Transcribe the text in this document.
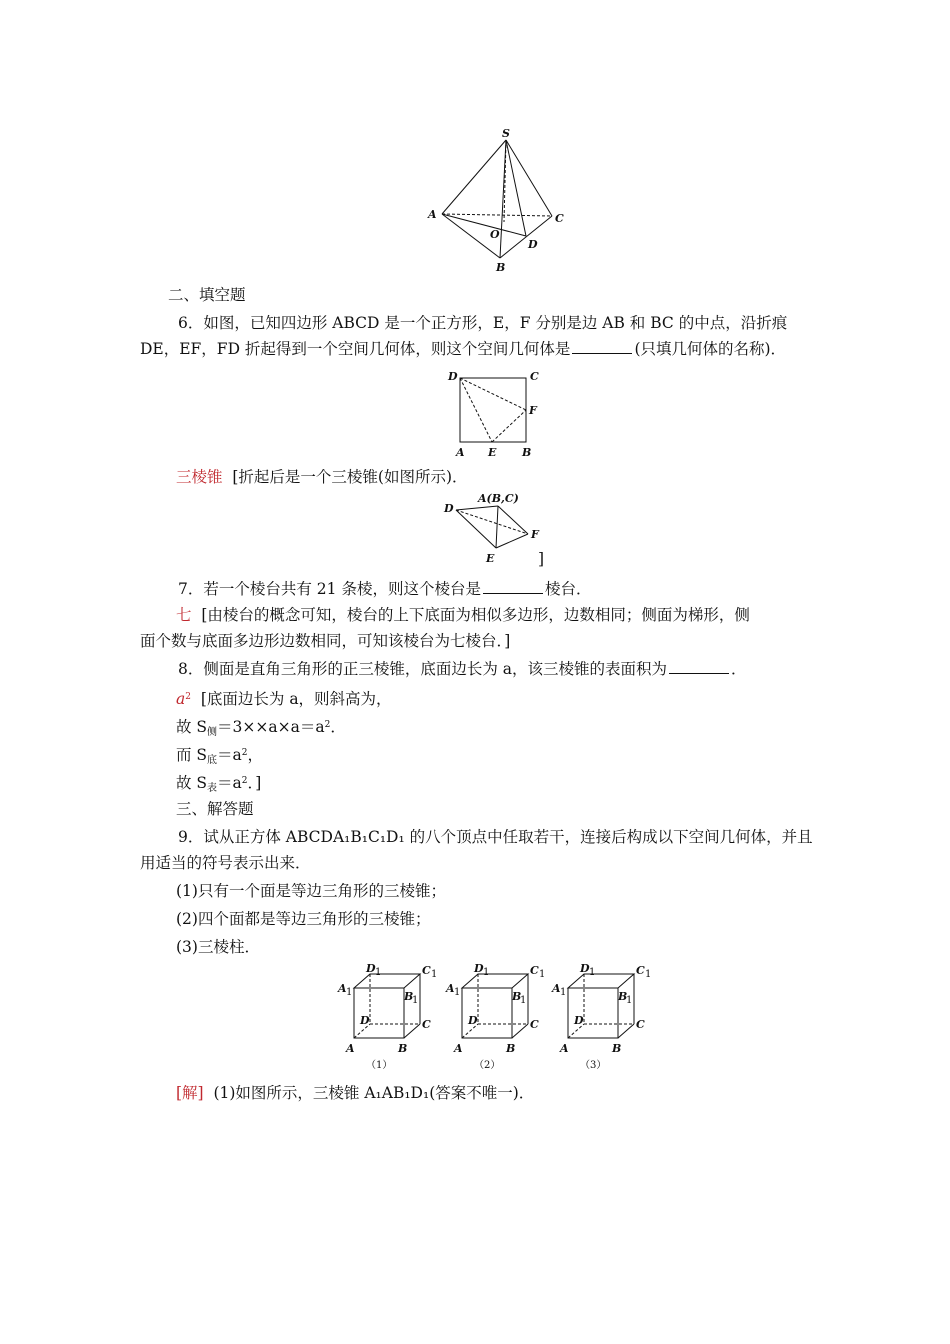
S
A	C
O
D
B
二、填空题
6．如图，已知四边形 ABCD 是一个正方形，E，F 分别是边 AB 和 BC 的中点，沿折痕
DE，EF，FD 折起得到一个空间几何体，则这个空间几何体是	(只填几何体的名称)．
D	C
F
A E B
三棱锥 [折起后是一个三棱锥(如图所示)．
A(B,C)
D
F
E	]
7．若一个棱台共有 21 条棱，则这个棱台是	棱台．
七 [由棱台的概念可知，棱台的上下底面为相似多边形，边数相同；侧面为梯形，侧
面个数与底面多边形边数相同，可知该棱台为七棱台．]
8．侧面是直角三角形的正三棱锥，底面边长为 a，该三棱锥的表面积为	．
$a^2$ [底面边长为 a，则斜高为，
故 $S_侧=3\times\times a\times a=a^2$．
而 $S_底=a^2$，
故 $S_表=a^2$．]
三、解答题
9．试从正方体 ABCDA₁B₁C₁D₁ 的八个顶点中任取若干，连接后构成以下空间几何体，并且
用适当的符号表示出来．
(1)只有一个面是等边三角形的三棱锥；
(2)四个面都是等边三角形的三棱锥；
(3)三棱柱．
D 1	C 1
A 1	B
1
D	C
A	B
（1）
D 1	C 1
A 1	B
1
D	C
A	B
（2）
D 1	C 1
A 1	B
1
D	C
A	B
（3）
[解] (1)如图所示，三棱锥 A₁AB₁D₁(答案不唯一)．
